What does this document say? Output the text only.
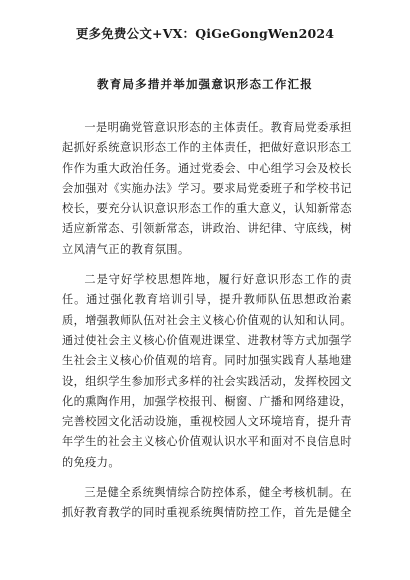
更多免费公文+VX：QiGeGongWen2024
教育局多措并举加强意识形态工作汇报

一是明确党管意识形态的主体责任。教育局党委承担起抓好系统意识形态工作的主体责任，把做好意识形态工作作为重大政治任务。通过党委会、中心组学习会及校长会加强对《实施办法》学习。要求局党委班子和学校书记校长，要充分认识意识形态工作的重大意义，认知新常态适应新常态、引领新常态，讲政治、讲纪律、守底线，树立风清气正的教育氛围。

二是守好学校思想阵地，履行好意识形态工作的责任。通过强化教育培训引导，提升教师队伍思想政治素质，增强教师队伍对社会主义核心价值观的认知和认同。通过使社会主义核心价值观进课堂、进教材等方式加强学生社会主义核心价值观的培育。同时加强实践育人基地建设，组织学生参加形式多样的社会实践活动，发挥校园文化的熏陶作用，加强学校报刊、橱窗、广播和网络建设，完善校园文化活动设施，重视校园人文环境培育，提升青年学生的社会主义核心价值观认识水平和面对不良信息时的免疫力。

三是健全系统舆情综合防控体系，健全考核机制。在抓好教育教学的同时重视系统舆情防控工作，首先是健全
